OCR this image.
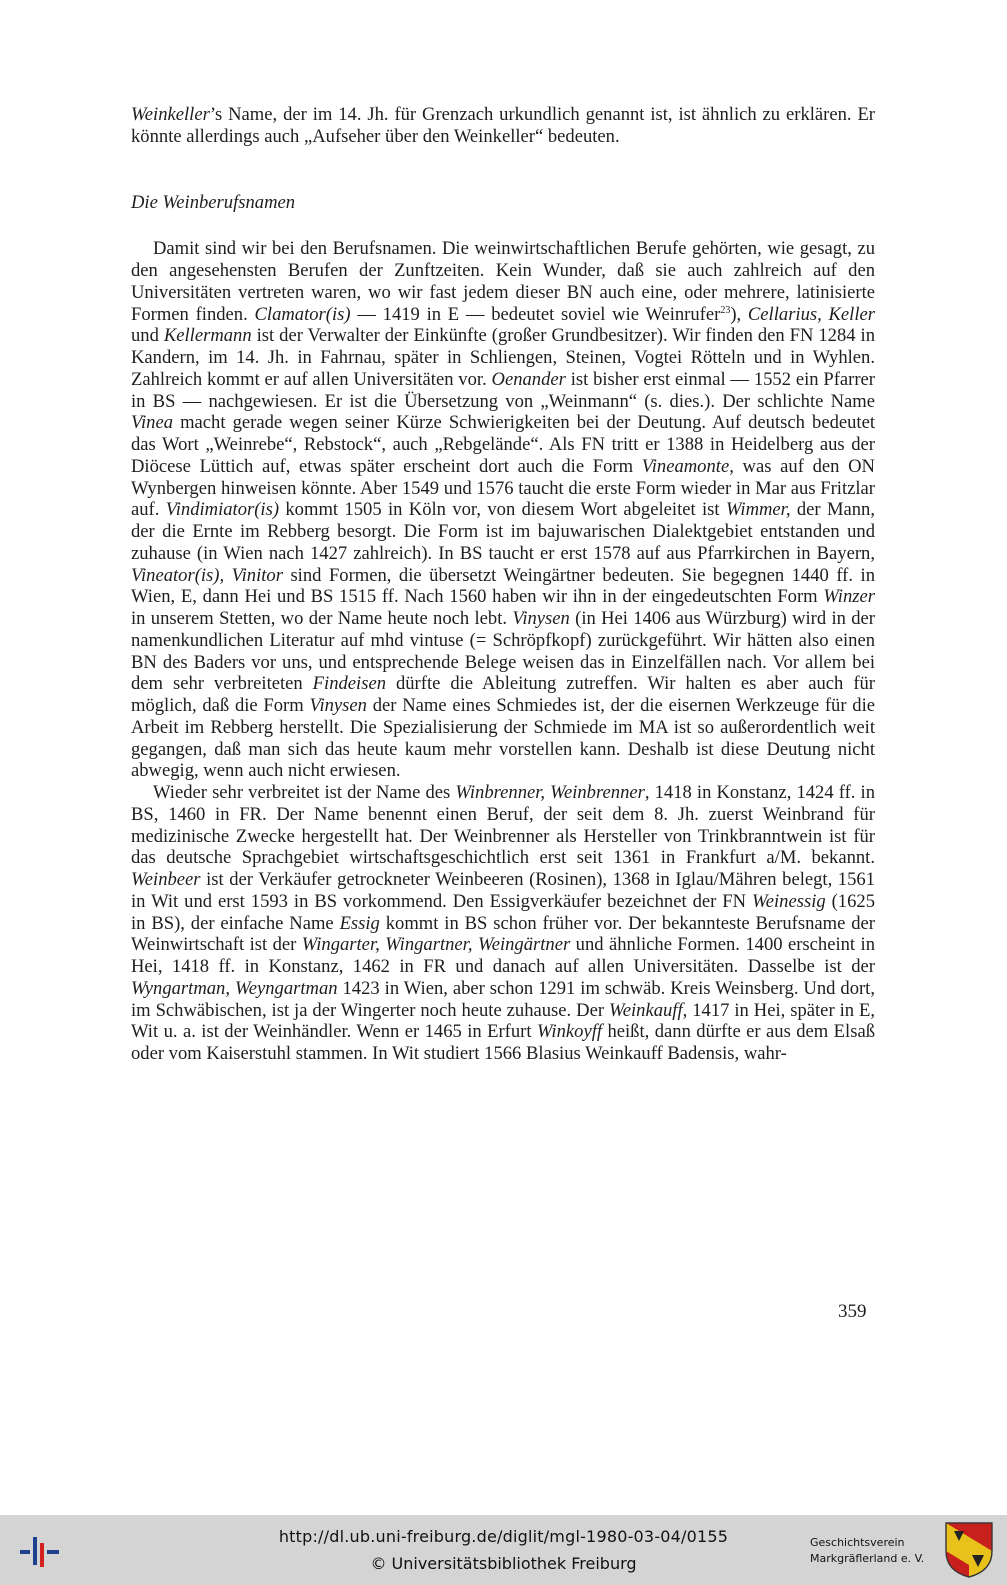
Weinkeller’s Name, der im 14. Jh. für Grenzach urkundlich genannt ist, ist ähnlich zu erklären. Er könnte allerdings auch „Aufseher über den Weinkeller“ bedeuten.

Die Weinberufsnamen

Damit sind wir bei den Berufsnamen. Die weinwirtschaftlichen Berufe gehörten, wie gesagt, zu den angesehensten Berufen der Zunftzeiten. Kein Wunder, daß sie auch zahlreich auf den Universitäten vertreten waren, wo wir fast jedem dieser BN auch eine, oder mehrere, latinisierte Formen finden. Clamator(is) — 1419 in E — bedeutet soviel wie Weinrufer$^{23}$), Cellarius, Keller und Kellermann ist der Verwalter der Einkünfte (großer Grundbesitzer). Wir finden den FN 1284 in Kandern, im 14. Jh. in Fahrnau, später in Schliengen, Steinen, Vogtei Rötteln und in Wyhlen. Zahlreich kommt er auf allen Universitäten vor. Oenander ist bisher erst einmal — 1552 ein Pfarrer in BS — nachgewiesen. Er ist die Übersetzung von „Weinmann“ (s. dies.). Der schlichte Name Vinea macht gerade wegen seiner Kürze Schwierigkeiten bei der Deutung. Auf deutsch bedeutet das Wort „Weinrebe“, Rebstock“, auch „Rebgelände“. Als FN tritt er 1388 in Heidelberg aus der Diöcese Lüttich auf, etwas später erscheint dort auch die Form Vineamonte, was auf den ON Wynbergen hinweisen könnte. Aber 1549 und 1576 taucht die erste Form wieder in Mar aus Fritzlar auf. Vindimiator(is) kommt 1505 in Köln vor, von diesem Wort abgeleitet ist Wimmer, der Mann, der die Ernte im Rebberg besorgt. Die Form ist im bajuwarischen Dialektgebiet entstanden und zuhause (in Wien nach 1427 zahlreich). In BS taucht er erst 1578 auf aus Pfarrkirchen in Bayern, Vineator(is), Vinitor sind Formen, die übersetzt Weingärtner bedeuten. Sie begegnen 1440 ff. in Wien, E, dann Hei und BS 1515 ff. Nach 1560 haben wir ihn in der eingedeutschten Form Winzer in unserem Stetten, wo der Name heute noch lebt. Vinysen (in Hei 1406 aus Würzburg) wird in der namenkundlichen Literatur auf mhd vintuse (= Schröpfkopf) zurückgeführt. Wir hätten also einen BN des Baders vor uns, und entsprechende Belege weisen das in Einzelfällen nach. Vor allem bei dem sehr verbreiteten Findeisen dürfte die Ableitung zutreffen. Wir halten es aber auch für möglich, daß die Form Vinysen der Name eines Schmiedes ist, der die eisernen Werkzeuge für die Arbeit im Rebberg herstellt. Die Spezialisierung der Schmiede im MA ist so außerordentlich weit gegangen, daß man sich das heute kaum mehr vorstellen kann. Deshalb ist diese Deutung nicht abwegig, wenn auch nicht erwiesen.

Wieder sehr verbreitet ist der Name des Winbrenner, Weinbrenner, 1418 in Konstanz, 1424 ff. in BS, 1460 in FR. Der Name benennt einen Beruf, der seit dem 8. Jh. zuerst Weinbrand für medizinische Zwecke hergestellt hat. Der Weinbrenner als Hersteller von Trinkbranntwein ist für das deutsche Sprachgebiet wirtschaftsgeschichtlich erst seit 1361 in Frankfurt a/M. bekannt. Weinbeer ist der Verkäufer getrockneter Weinbeeren (Rosinen), 1368 in Iglau/Mähren belegt, 1561 in Wit und erst 1593 in BS vorkommend. Den Essigverkäufer bezeichnet der FN Weinessig (1625 in BS), der einfache Name Essig kommt in BS schon früher vor. Der bekannteste Berufsname der Weinwirtschaft ist der Wingarter, Wingartner, Weingärtner und ähnliche Formen. 1400 erscheint in Hei, 1418 ff. in Konstanz, 1462 in FR und danach auf allen Universitäten. Dasselbe ist der Wyngartman, Weyngartman 1423 in Wien, aber schon 1291 im schwäb. Kreis Weinsberg. Und dort, im Schwäbischen, ist ja der Wingerter noch heute zuhause. Der Weinkauff, 1417 in Hei, später in E, Wit u. a. ist der Weinhändler. Wenn er 1465 in Erfurt Winkoyff heißt, dann dürfte er aus dem Elsaß oder vom Kaiserstuhl stammen. In Wit studiert 1566 Blasius Weinkauff Badensis, wahr-

359
http://dl.ub.uni-freiburg.de/diglit/mgl-1980-03-04/0155
© Universitätsbibliothek Freiburg
Geschichtsverein
Markgräflerland e. V.
